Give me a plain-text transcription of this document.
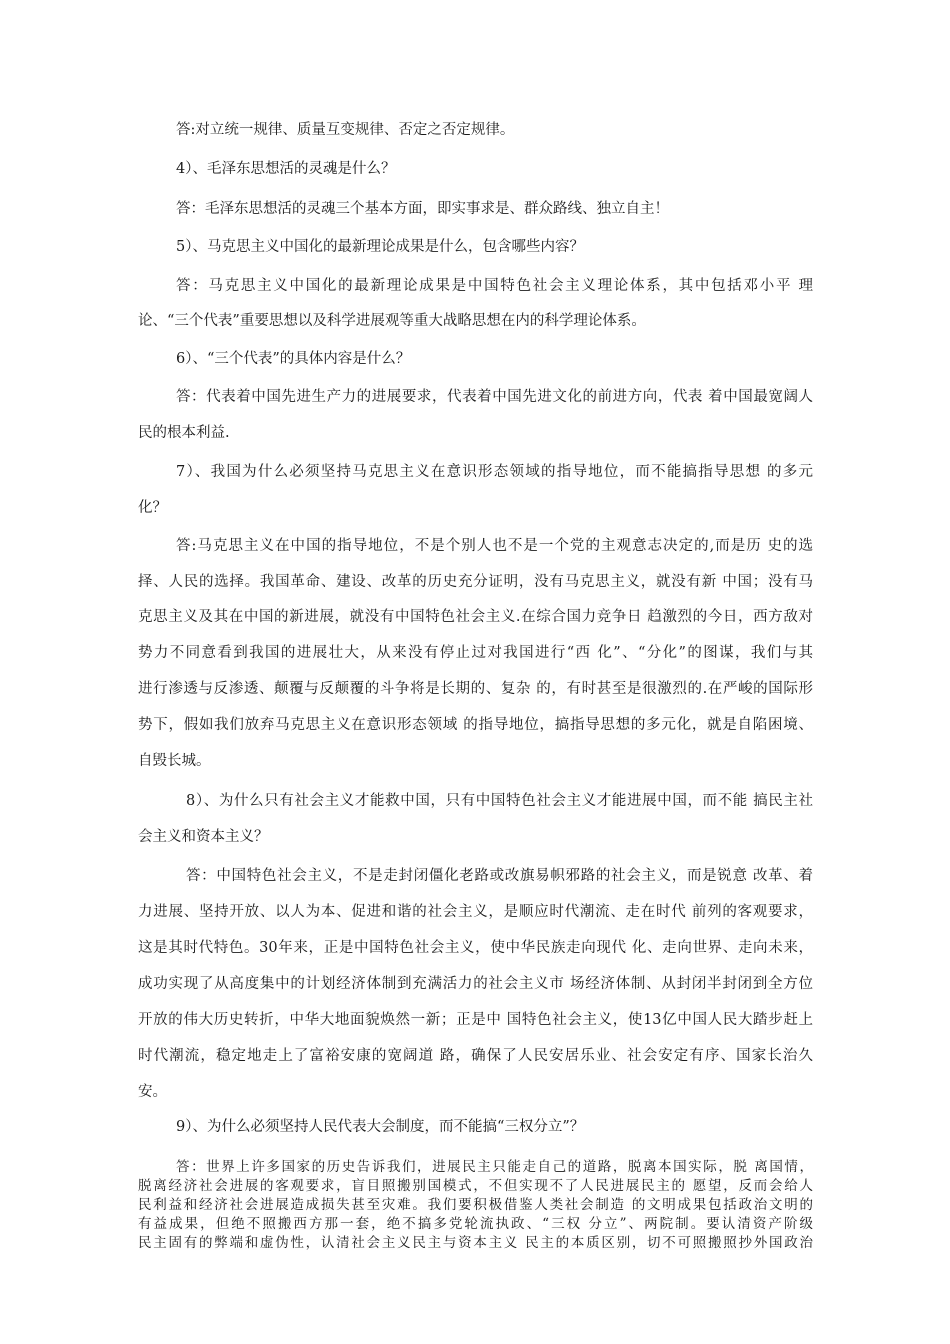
答:对立统一规律、质量互变规律、否定之否定规律。
4）、毛泽东思想活的灵魂是什么？
答：毛泽东思想活的灵魂三个基本方面，即实事求是、群众路线、独立自主！
5）、马克思主义中国化的最新理论成果是什么，包含哪些内容？
答：马克思主义中国化的最新理论成果是中国特色社会主义理论体系，其中包括邓小平 理
论、“三个代表”重要思想以及科学进展观等重大战略思想在内的科学理论体系。
6）、“三个代表”的具体内容是什么？
答：代表着中国先进生产力的进展要求，代表着中国先进文化的前进方向，代表 着中国最宽阔人
民的根本利益.
7）、我国为什么必须坚持马克思主义在意识形态领域的指导地位，而不能搞指导思想 的多元
化？
答:马克思主义在中国的指导地位，不是个别人也不是一个党的主观意志决定的,而是历 史的选
择、人民的选择。我国革命、建设、改革的历史充分证明，没有马克思主义，就没有新 中国；没有马
克思主义及其在中国的新进展，就没有中国特色社会主义.在综合国力竞争日 趋激烈的今日，西方敌对
势力不同意看到我国的进展壮大，从来没有停止过对我国进行“西 化”、“分化”的图谋，我们与其
进行渗透与反渗透、颠覆与反颠覆的斗争将是长期的、复杂 的，有时甚至是很激烈的.在严峻的国际形
势下，假如我们放弃马克思主义在意识形态领域 的指导地位，搞指导思想的多元化，就是自陷困境、
自毁长城。
8）、为什么只有社会主义才能救中国，只有中国特色社会主义才能进展中国，而不能 搞民主社
会主义和资本主义？
答：中国特色社会主义，不是走封闭僵化老路或改旗易帜邪路的社会主义，而是锐意 改革、着
力进展、坚持开放、以人为本、促进和谐的社会主义，是顺应时代潮流、走在时代 前列的客观要求，
这是其时代特色。30年来，正是中国特色社会主义，使中华民族走向现代 化、走向世界、走向未来，
成功实现了从高度集中的计划经济体制到充满活力的社会主义市 场经济体制、从封闭半封闭到全方位
开放的伟大历史转折，中华大地面貌焕然一新；正是中 国特色社会主义，使13亿中国人民大踏步赶上
时代潮流，稳定地走上了富裕安康的宽阔道 路，确保了人民安居乐业、社会安定有序、国家长治久
安。
9）、为什么必须坚持人民代表大会制度，而不能搞“三权分立”？
答：世界上许多国家的历史告诉我们，进展民主只能走自己的道路，脱离本国实际，脱 离国情，
脱离经济社会进展的客观要求，盲目照搬别国模式，不但实现不了人民进展民主的 愿望，反而会给人
民利益和经济社会进展造成损失甚至灾难。我们要积极借鉴人类社会制造 的文明成果包括政治文明的
有益成果，但绝不照搬西方那一套，绝不搞多党轮流执政、“三权 分立”、两院制。要认清资产阶级
民主固有的弊端和虚伪性，认清社会主义民主与资本主义 民主的本质区别，切不可照搬照抄外国政治
